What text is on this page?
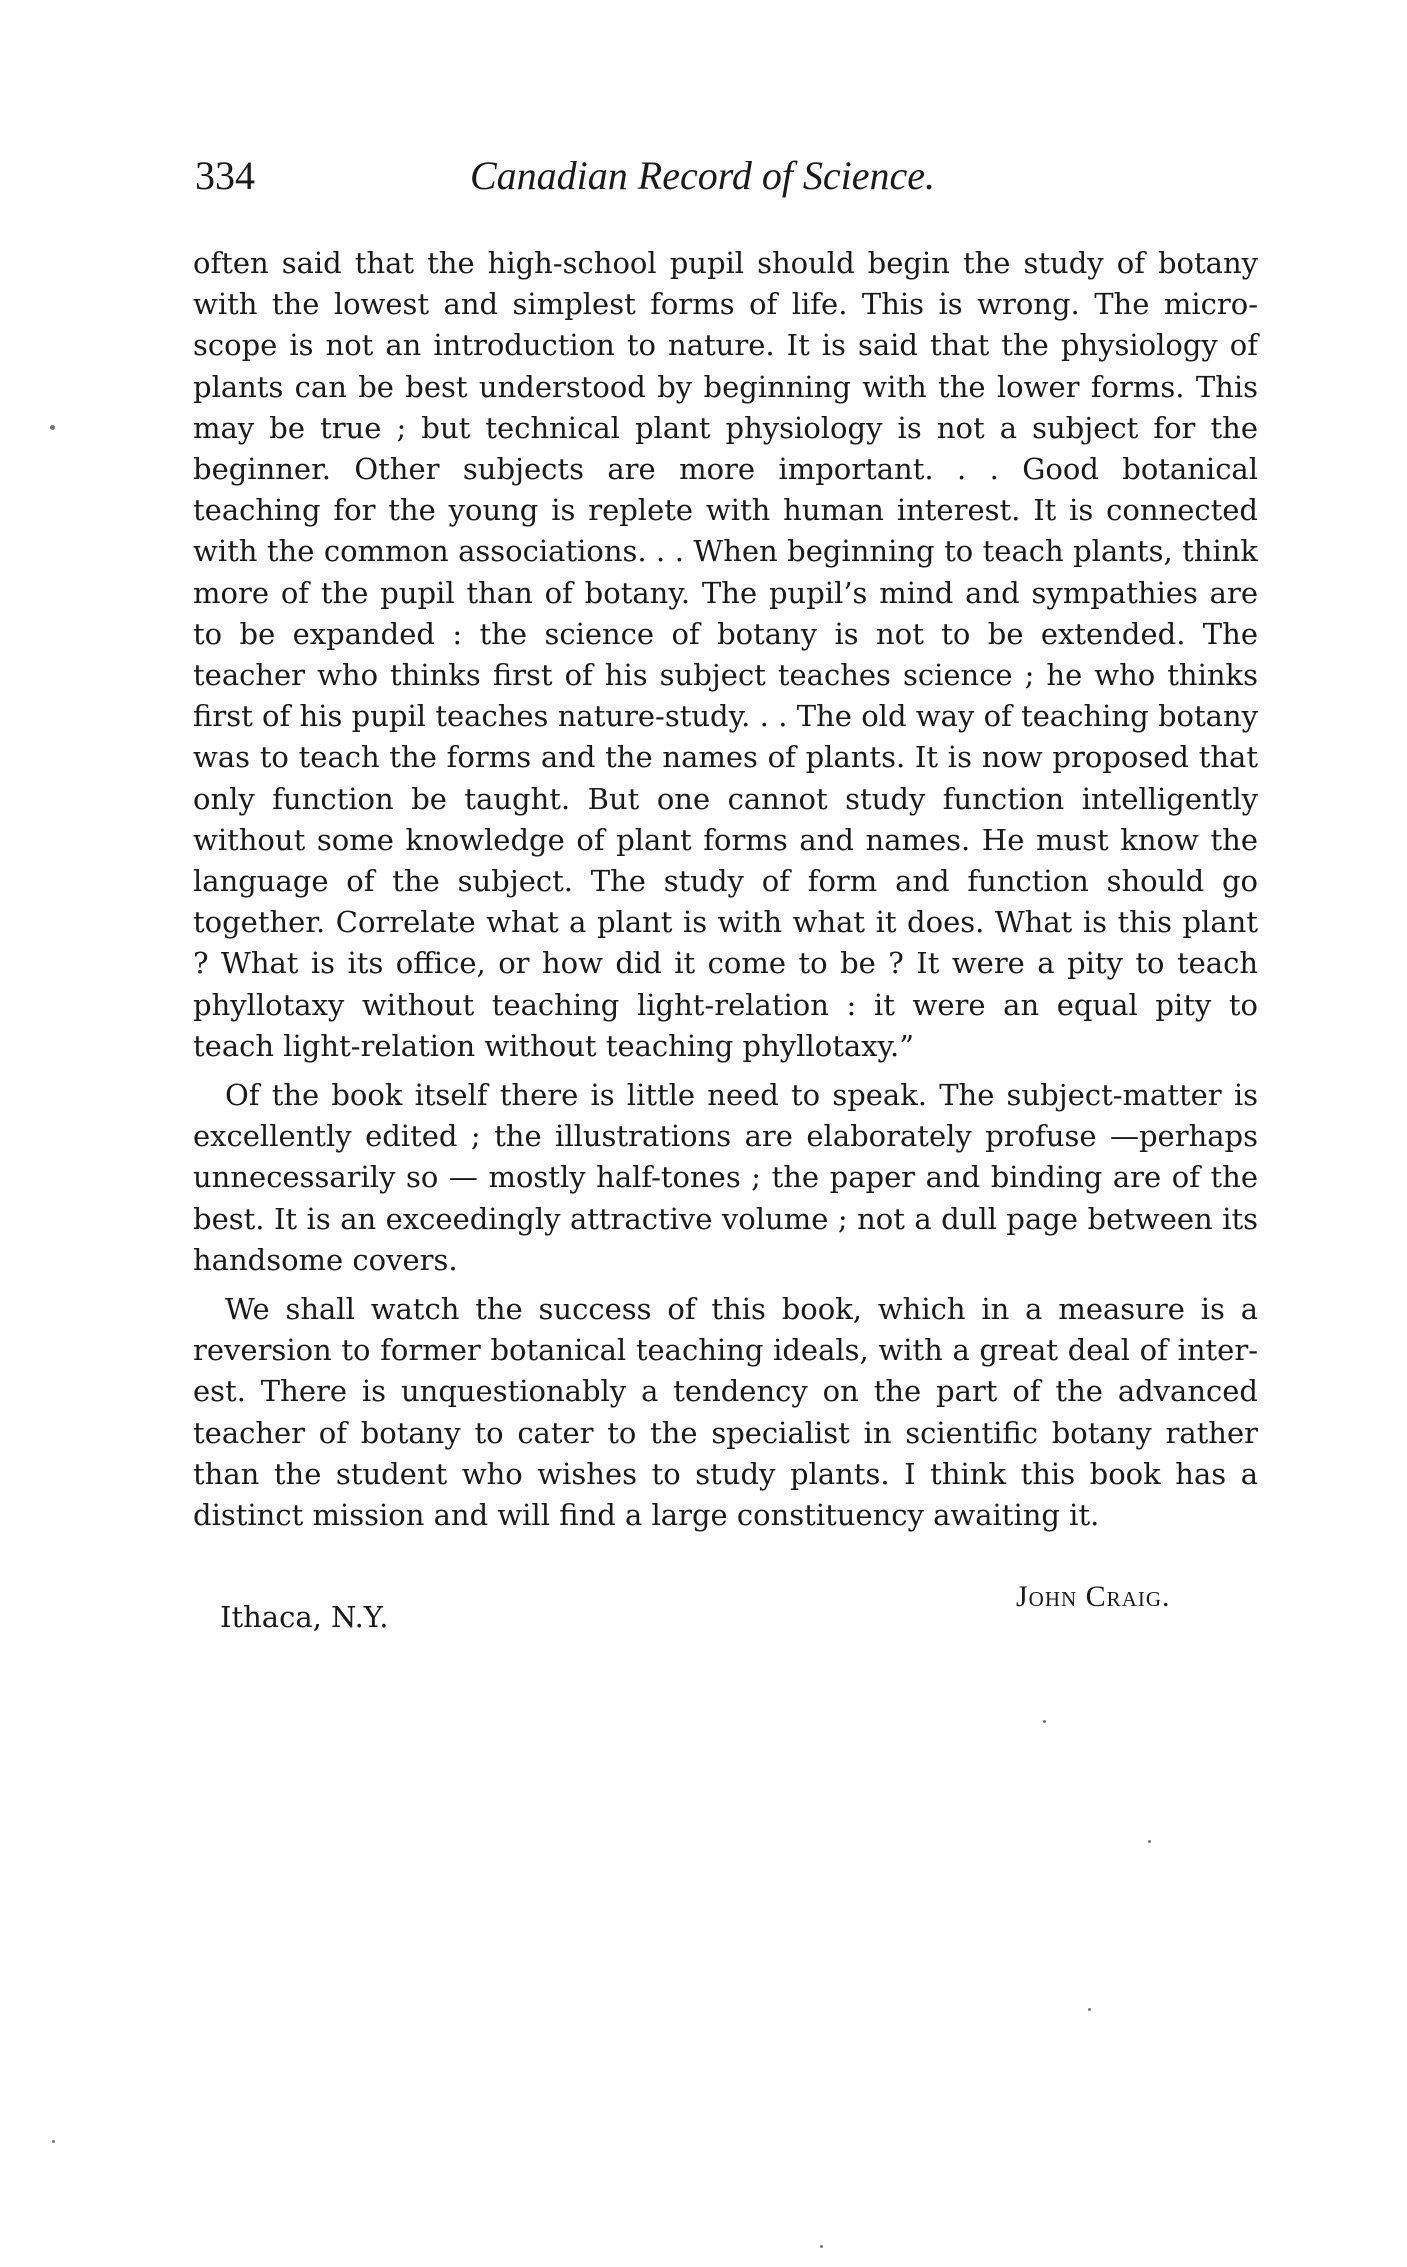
334	Canadian Record of Science.

often said that the high-school pupil should begin the study of botany with the lowest and simplest forms of life. This is wrong. The microscope is not an introduction to nature. It is said that the physiology of plants can be best understood by beginning with the lower forms. This may be true ; but technical plant physiology is not a subject for the beginner. Other subjects are more important. . . Good botanical teaching for the young is replete with human interest. It is connected with the common associations. . . When beginning to teach plants, think more of the pupil than of botany. The pupil’s mind and sympathies are to be expanded : the science of botany is not to be extended. The teacher who thinks first of his subject teaches science ; he who thinks first of his pupil teaches nature-study. . . The old way of teaching botany was to teach the forms and the names of plants. It is now proposed that only function be taught. But one cannot study function intelligently without some knowledge of plant forms and names. He must know the language of the subject. The study of form and function should go together. Correlate what a plant is with what it does. What is this plant ? What is its office, or how did it come to be ? It were a pity to teach phyllotaxy without teaching light-relation : it were an equal pity to teach light-relation without teaching phyllotaxy.”

Of the book itself there is little need to speak. The subject-matter is excellently edited ; the illustrations are elaborately profuse —perhaps unnecessarily so — mostly half-tones ; the paper and binding are of the best. It is an exceedingly attractive volume ; not a dull page between its handsome covers.

We shall watch the success of this book, which in a measure is a reversion to former botanical teaching ideals, with a great deal of interest. There is unquestionably a tendency on the part of the advanced teacher of botany to cater to the specialist in scientific botany rather than the student who wishes to study plants. I think this book has a distinct mission and will find a large constituency awaiting it.

John Craig.
Ithaca, N.Y.
